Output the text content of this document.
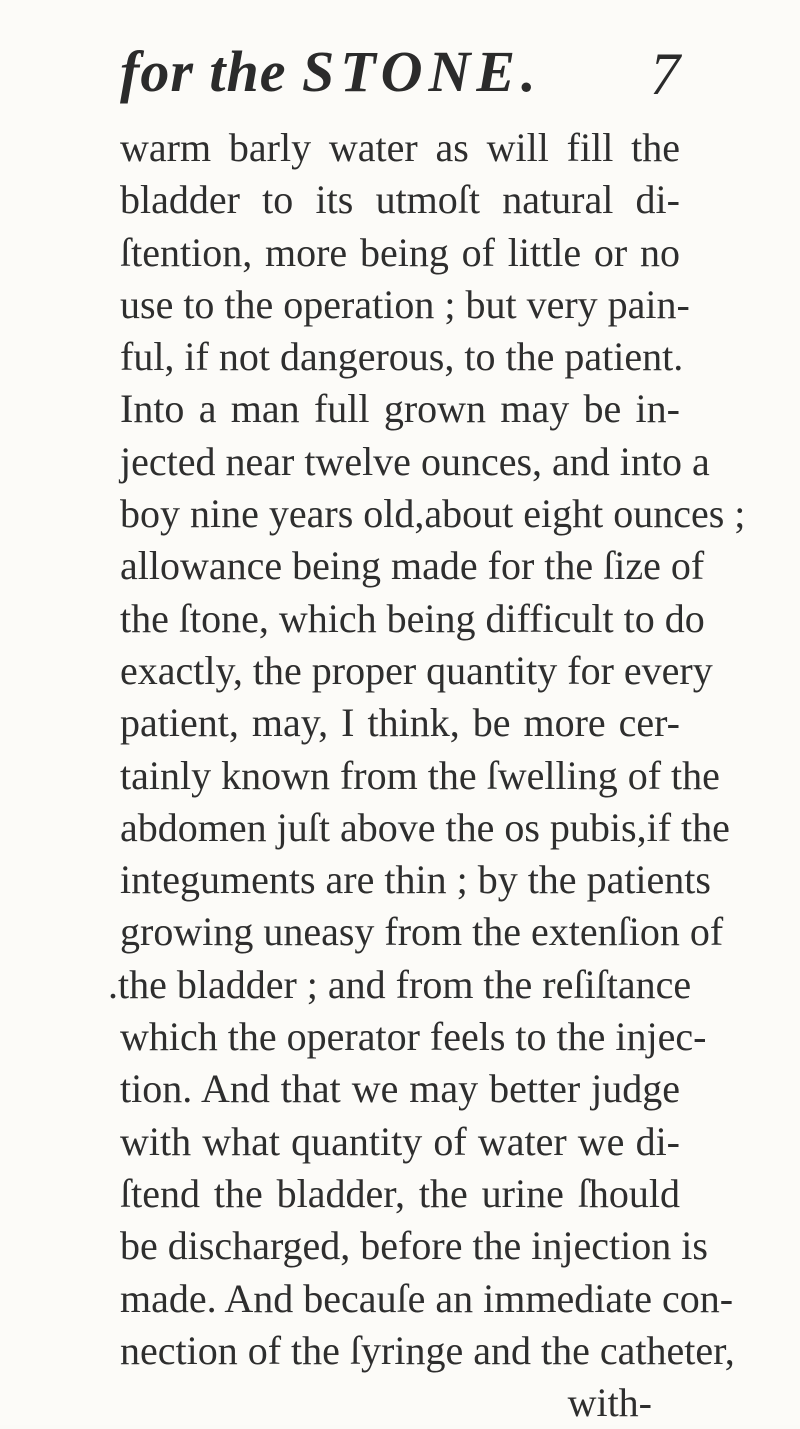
for the STONE. 7
warm barly water as will fill the
bladder to its utmoſt natural di-
ſtention, more being of little or no
use to the operation ; but very pain-
ful, if not dangerous, to the patient.
Into a man full grown may be in-
jected near twelve ounces, and into a
boy nine years old,about eight ounces ;
allowance being made for the ſize of
the ſtone, which being difficult to do
exactly, the proper quantity for every
patient, may, I think, be more cer-
tainly known from the ſwelling of the
abdomen juſt above the os pubis,if the
integuments are thin ; by the patients
growing uneasy from the extenſion of
.the bladder ; and from the reſiſtance
which the operator feels to the injec-
tion. And that we may better judge
with what quantity of water we di-
ſtend the bladder, the urine ſhould
be discharged, before the injection is
made. And becauſe an immediate con-
nection of the ſyringe and the catheter,
with-
